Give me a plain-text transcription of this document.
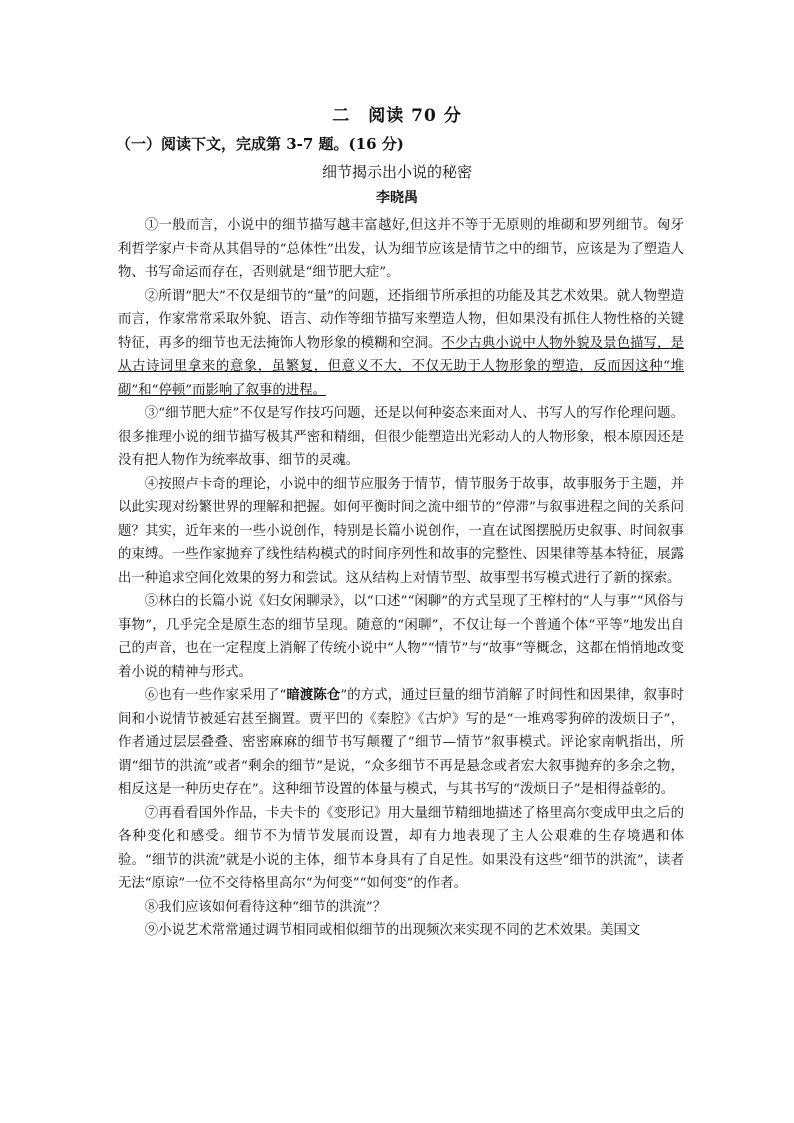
二　阅读 70 分
（一）阅读下文，完成第 3-7 题。(16 分)
细节揭示出小说的秘密
李晓禺

①一般而言，小说中的细节描写越丰富越好,但这并不等于无原则的堆砌和罗列细节。匈牙利哲学家卢卡奇从其倡导的“总体性”出发，认为细节应该是情节之中的细节，应该是为了塑造人物、书写命运而存在，否则就是“细节肥大症”。

②所谓“肥大”不仅是细节的“量”的问题，还指细节所承担的功能及其艺术效果。就人物塑造而言，作家常常采取外貌、语言、动作等细节描写来塑造人物，但如果没有抓住人物性格的关键特征，再多的细节也无法掩饰人物形象的模糊和空洞。不少古典小说中人物外貌及景色描写，是从古诗词里拿来的意象，虽繁复，但意义不大，不仅无助于人物形象的塑造，反而因这种“堆砌”和“停顿”而影响了叙事的进程。

③“细节肥大症”不仅是写作技巧问题，还是以何种姿态来面对人、书写人的写作伦理问题。很多推理小说的细节描写极其严密和精细，但很少能塑造出光彩动人的人物形象，根本原因还是没有把人物作为统率故事、细节的灵魂。

④按照卢卡奇的理论，小说中的细节应服务于情节，情节服务于故事，故事服务于主题，并以此实现对纷繁世界的理解和把握。如何平衡时间之流中细节的“停滞”与叙事进程之间的关系问题？其实，近年来的一些小说创作，特别是长篇小说创作，一直在试图摆脱历史叙事、时间叙事的束缚。一些作家抛弃了线性结构模式的时间序列性和故事的完整性、因果律等基本特征，展露出一种追求空间化效果的努力和尝试。这从结构上对情节型、故事型书写模式进行了新的探索。

⑤林白的长篇小说《妇女闲聊录》，以“口述”“闲聊”的方式呈现了王榨村的“人与事”“风俗与事物”，几乎完全是原生态的细节呈现。随意的“闲聊”，不仅让每一个普通个体“平等”地发出自己的声音，也在一定程度上消解了传统小说中“人物”“情节”与“故事”等概念，这都在悄悄地改变着小说的精神与形式。

⑥也有一些作家采用了“暗渡陈仓”的方式，通过巨量的细节消解了时间性和因果律，叙事时间和小说情节被延宕甚至搁置。贾平凹的《秦腔》《古炉》写的是“一堆鸡零狗碎的泼烦日子”，作者通过层层叠叠、密密麻麻的细节书写颠覆了“细节—情节”叙事模式。评论家南帆指出，所谓“细节的洪流”或者“剩余的细节”是说，“众多细节不再是悬念或者宏大叙事抛弃的多余之物，相反这是一种历史存在”。这种细节设置的体量与模式，与其书写的“泼烦日子”是相得益彰的。

⑦再看看国外作品，卡夫卡的《变形记》用大量细节精细地描述了格里高尔变成甲虫之后的各种变化和感受。细节不为情节发展而设置，却有力地表现了主人公艰难的生存境遇和体验。“细节的洪流”就是小说的主体，细节本身具有了自足性。如果没有这些“细节的洪流”，读者无法“原谅”一位不交待格里高尔“为何变”“如何变”的作者。

⑧我们应该如何看待这种“细节的洪流”？

⑨小说艺术常常通过调节相同或相似细节的出现频次来实现不同的艺术效果。美国文
